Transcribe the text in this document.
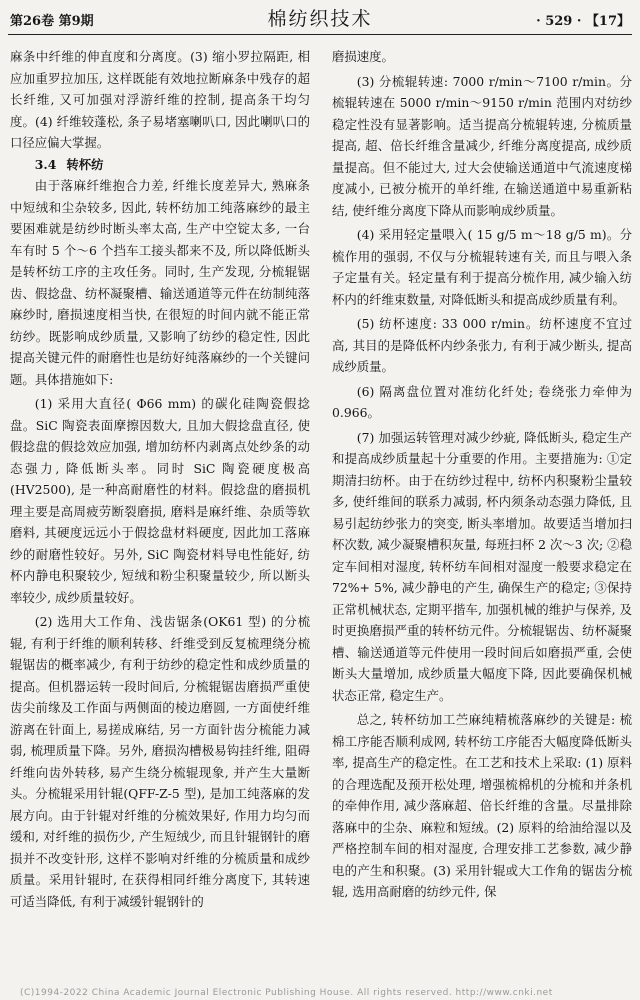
第26卷 第9期	棉纺织技术	· 529 · 【17】

麻条中纤维的伸直度和分离度。(3) 缩小罗拉隔距, 相应加重罗拉加压, 这样既能有效地拉断麻条中残存的超长纤维, 又可加强对浮游纤维的控制, 提高条干均匀度。(4) 纤维较蓬松, 条子易堵塞喇叭口, 因此喇叭口的口径应偏大掌握。

3.4 转杯纺

由于落麻纤维抱合力差, 纤维长度差异大, 熟麻条中短绒和尘杂较多, 因此, 转杯纺加工纯落麻纱的最主要困难就是纺纱时断头率太高, 生产中空锭太多, 一台车有时 5 个～6 个挡车工接头都来不及, 所以降低断头是转杯纺工序的主攻任务。同时, 生产发现, 分梳辊锯齿、假捻盘、纺杯凝聚槽、输送通道等元件在纺制纯落麻纱时, 磨损速度相当快, 在很短的时间内就不能正常纺纱。既影响成纱质量, 又影响了纺纱的稳定性, 因此提高关键元件的耐磨性也是纺好纯落麻纱的一个关键问题。具体措施如下:

(1) 采用大直径( Φ66 mm) 的碳化硅陶瓷假捻盘。SiC 陶瓷表面摩擦因数大, 且加大假捻盘直径, 使假捻盘的假捻效应加强, 增加纺杯内剥离点处纱条的动态强力, 降低断头率。同时 SiC 陶瓷硬度极高(HV2500), 是一种高耐磨性的材料。假捻盘的磨损机理主要是高周疲劳断裂磨损, 磨料是麻纤维、杂质等软磨料, 其硬度远远小于假捻盘材料硬度, 因此加工落麻纱的耐磨性较好。另外, SiC 陶瓷材料导电性能好, 纺杯内静电积聚较少, 短绒和粉尘积聚量较少, 所以断头率较少, 成纱质量较好。

(2) 选用大工作角、浅齿锯条(OK61 型) 的分梳辊, 有利于纤维的顺利转移、纤维受到反复梳理绕分梳辊锯齿的概率减少, 有利于纺纱的稳定性和成纱质量的提高。但机器运转一段时间后, 分梳辊锯齿磨损严重使齿尖前缘及工作面与两侧面的棱边磨圆, 一方面使纤维游离在针面上, 易搓成麻结, 另一方面针齿分梳能力减弱, 梳理质量下降。另外, 磨损沟槽极易钩挂纤维, 阻碍纤维向齿外转移, 易产生绕分梳辊现象, 并产生大量断头。分梳辊采用针辊(QFF-Z-5 型), 是加工纯落麻的发展方向。由于针辊对纤维的分梳效果好, 作用力均匀而缓和, 对纤维的损伤少, 产生短绒少, 而且针辊钢针的磨损并不改变针形, 这样不影响对纤维的分梳质量和成纱质量。采用针辊时, 在获得相同纤维分离度下, 其转速可适当降低, 有利于减缓针辊钢针的

磨损速度。

(3) 分梳辊转速: 7000 r/min～7100 r/min。分梳辊转速在 5000 r/min～9150 r/min 范围内对纺纱稳定性没有显著影响。适当提高分梳辊转速, 分梳质量提高, 超、倍长纤维含量减少, 纤维分离度提高, 成纱质量提高。但不能过大, 过大会使输送通道中气流速度梯度减小, 已被分梳开的单纤维, 在输送通道中易重新粘结, 使纤维分离度下降从而影响成纱质量。

(4) 采用轻定量喂入( 15 g/5 m～18 g/5 m)。分梳作用的强弱, 不仅与分梳辊转速有关, 而且与喂入条子定量有关。轻定量有利于提高分梳作用, 减少输入纺杯内的纤维束数量, 对降低断头和提高成纱质量有利。

(5) 纺杯速度: 33 000 r/min。纺杯速度不宜过高, 其目的是降低杯内纱条张力, 有利于减少断头, 提高成纱质量。

(6) 隔离盘位置对准纺化纤处; 卷绕张力牵伸为 0.966。

(7) 加强运转管理对减少纱疵, 降低断头, 稳定生产和提高成纱质量起十分重要的作用。主要措施为: ①定期清扫纺杯。由于在纺纱过程中, 纺杯内积聚粉尘量较多, 使纤维间的联系力减弱, 杯内须条动态强力降低, 且易引起纺纱张力的突变, 断头率增加。故要适当增加扫杯次数, 减少凝聚槽积灰量, 每班扫杯 2 次～3 次; ②稳定车间相对湿度, 转杯纺车间相对湿度一般要求稳定在 72%+ 5%, 减少静电的产生, 确保生产的稳定; ③保持正常机械状态, 定期平揩车, 加强机械的维护与保养, 及时更换磨损严重的转杯纺元件。分梳辊锯齿、纺杯凝聚槽、输送通道等元件使用一段时间后如磨损严重, 会使断头大量增加, 成纱质量大幅度下降, 因此要确保机械状态正常, 稳定生产。

总之, 转杯纺加工苎麻纯精梳落麻纱的关键是: 梳棉工序能否顺利成网, 转杯纺工序能否大幅度降低断头率, 提高生产的稳定性。在工艺和技术上采取: (1) 原料的合理选配及预开松处理, 增强梳棉机的分梳和并条机的牵伸作用, 减少落麻超、倍长纤维的含量。尽量排除落麻中的尘杂、麻粒和短绒。(2) 原料的给油给湿以及严格控制车间的相对湿度, 合理安排工艺参数, 减少静电的产生和积聚。(3) 采用针辊或大工作角的锯齿分梳辊, 选用高耐磨的纺纱元件, 保

(C)1994-2022 China Academic Journal Electronic Publishing House. All rights reserved. http://www.cnki.net
